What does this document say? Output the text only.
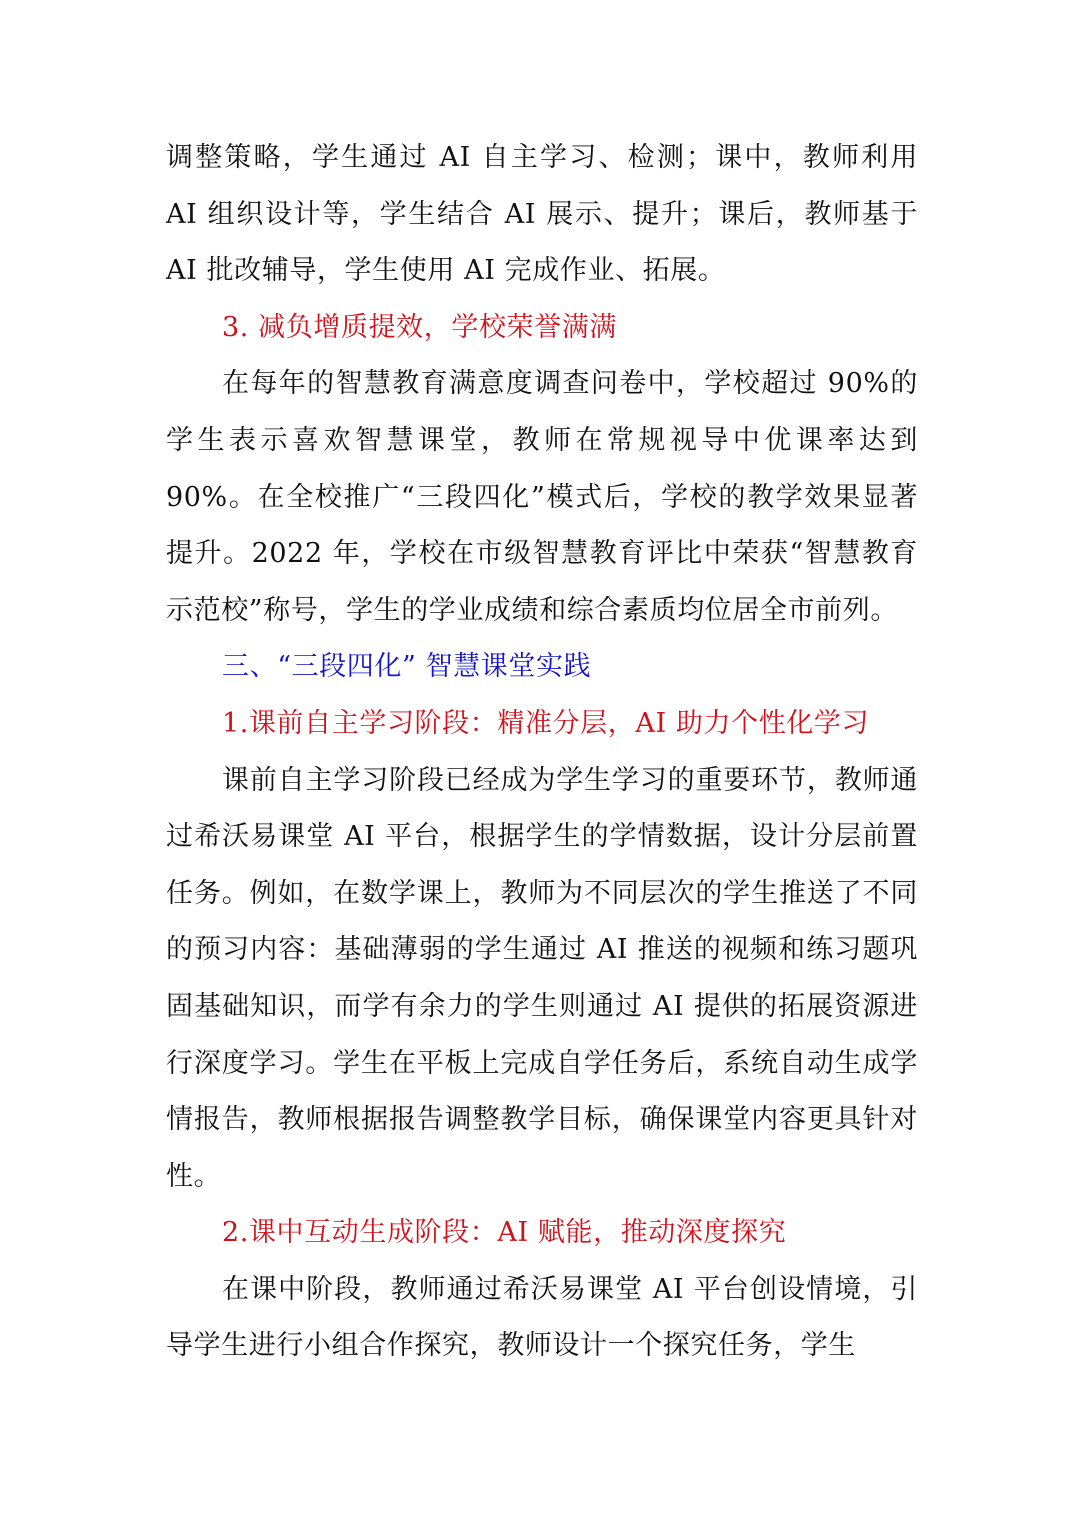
调整策略，学生通过 AI 自主学习、检测；课中，教师利用 AI 组织设计等，学生结合 AI 展示、提升；课后，教师基于 AI 批改辅导，学生使用 AI 完成作业、拓展。

3. 减负增质提效，学校荣誉满满

在每年的智慧教育满意度调查问卷中，学校超过 90%的学生表示喜欢智慧课堂，教师在常规视导中优课率达到 90%。在全校推广“三段四化”模式后，学校的教学效果显著提升。2022 年，学校在市级智慧教育评比中荣获“智慧教育示范校”称号，学生的学业成绩和综合素质均位居全市前列。

三、“三段四化” 智慧课堂实践

1.课前自主学习阶段：精准分层，AI 助力个性化学习

课前自主学习阶段已经成为学生学习的重要环节，教师通过希沃易课堂 AI 平台，根据学生的学情数据，设计分层前置任务。例如，在数学课上，教师为不同层次的学生推送了不同的预习内容：基础薄弱的学生通过 AI 推送的视频和练习题巩固基础知识，而学有余力的学生则通过 AI 提供的拓展资源进行深度学习。学生在平板上完成自学任务后，系统自动生成学情报告，教师根据报告调整教学目标，确保课堂内容更具针对性。

2.课中互动生成阶段：AI 赋能，推动深度探究

在课中阶段，教师通过希沃易课堂 AI 平台创设情境，引导学生进行小组合作探究，教师设计一个探究任务，学生
